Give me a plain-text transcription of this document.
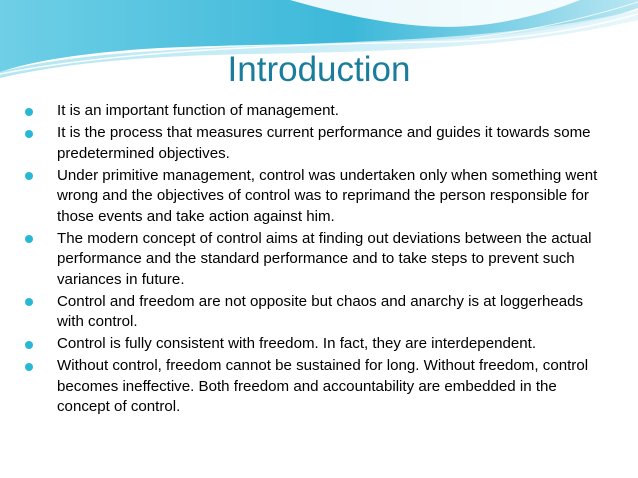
Introduction
It is an important function of management.
It is the process that measures current performance and guides it towards some predetermined objectives.
Under primitive management, control was undertaken only when something went wrong and the objectives of control was to reprimand the person responsible for those events and take action against him.
The modern concept of control aims at finding out deviations between the actual performance and the standard performance and to take steps to prevent such variances in future.
Control and freedom are not opposite but chaos and anarchy is at loggerheads with control.
Control is fully consistent with freedom. In fact, they are interdependent.
Without control, freedom cannot be sustained for long. Without freedom, control becomes ineffective. Both freedom and accountability are embedded in the concept of control.
